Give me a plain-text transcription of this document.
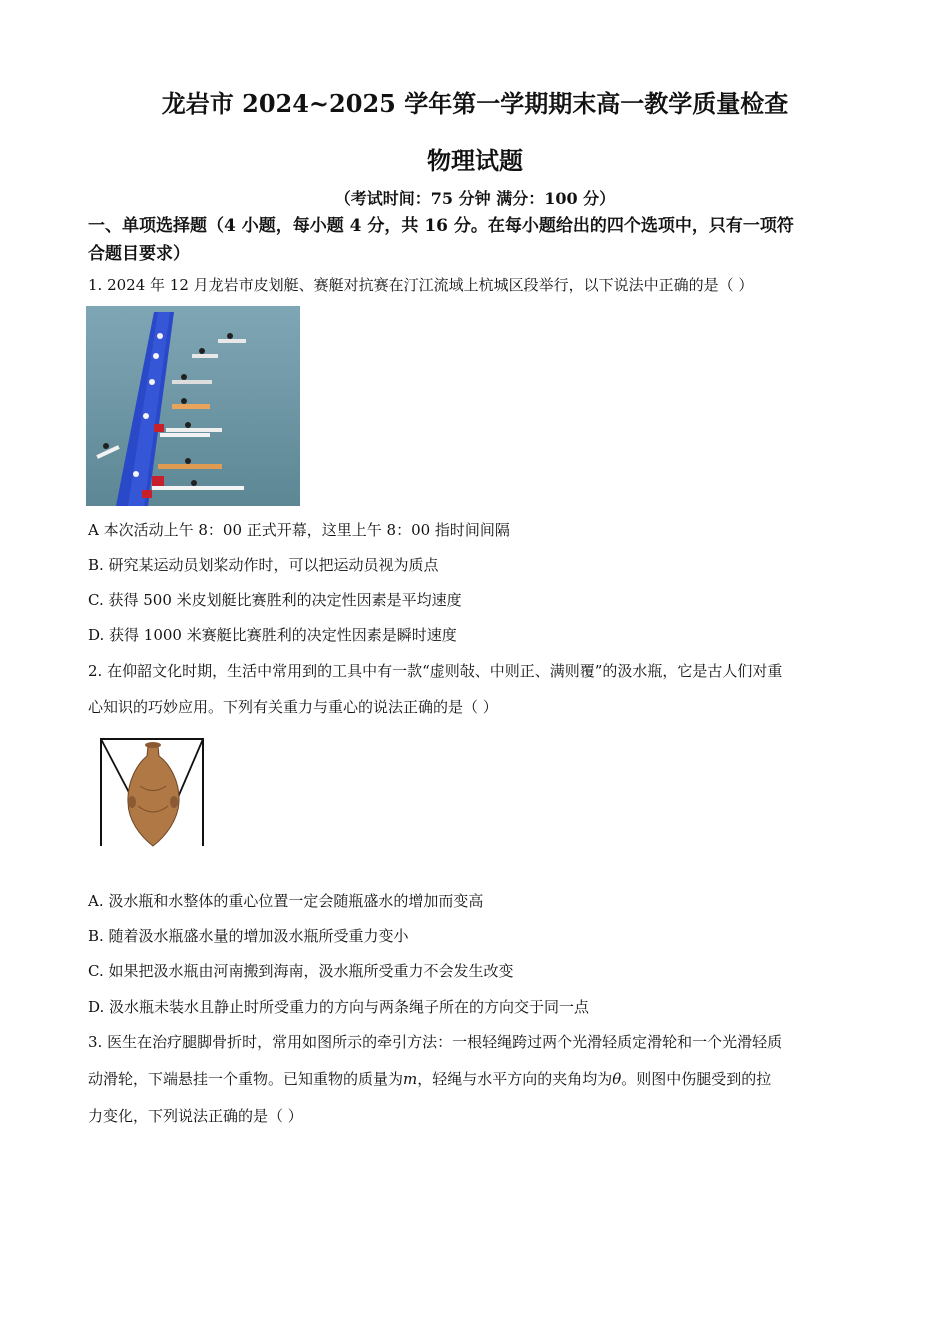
龙岩市 2024~2025 学年第一学期期末高一教学质量检查
物理试题
（考试时间：75 分钟 满分：100 分）
一、单项选择题（4 小题，每小题 4 分，共 16 分。在每小题给出的四个选项中，只有一项符
合题目要求）
1. 2024 年 12 月龙岩市皮划艇、赛艇对抗赛在汀江流域上杭城区段举行，以下说法中正确的是（ ）
A 本次活动上午 8：00 正式开幕，这里上午 8：00 指时间间隔
B. 研究某运动员划桨动作时，可以把运动员视为质点
C. 获得 500 米皮划艇比赛胜利的决定性因素是平均速度
D. 获得 1000 米赛艇比赛胜利的决定性因素是瞬时速度
2. 在仰韶文化时期，生活中常用到的工具中有一款“虚则敧、中则正、满则覆”的汲水瓶，它是古人们对重
心知识的巧妙应用。下列有关重力与重心的说法正确的是（ ）
A. 汲水瓶和水整体的重心位置一定会随瓶盛水的增加而变高
B. 随着汲水瓶盛水量的增加汲水瓶所受重力变小
C. 如果把汲水瓶由河南搬到海南，汲水瓶所受重力不会发生改变
D. 汲水瓶未装水且静止时所受重力的方向与两条绳子所在的方向交于同一点
3. 医生在治疗腿脚骨折时，常用如图所示的牵引方法：一根轻绳跨过两个光滑轻质定滑轮和一个光滑轻质
动滑轮，下端悬挂一个重物。已知重物的质量为m，轻绳与水平方向的夹角均为θ。则图中伤腿受到的拉
力变化，下列说法正确的是（ ）
